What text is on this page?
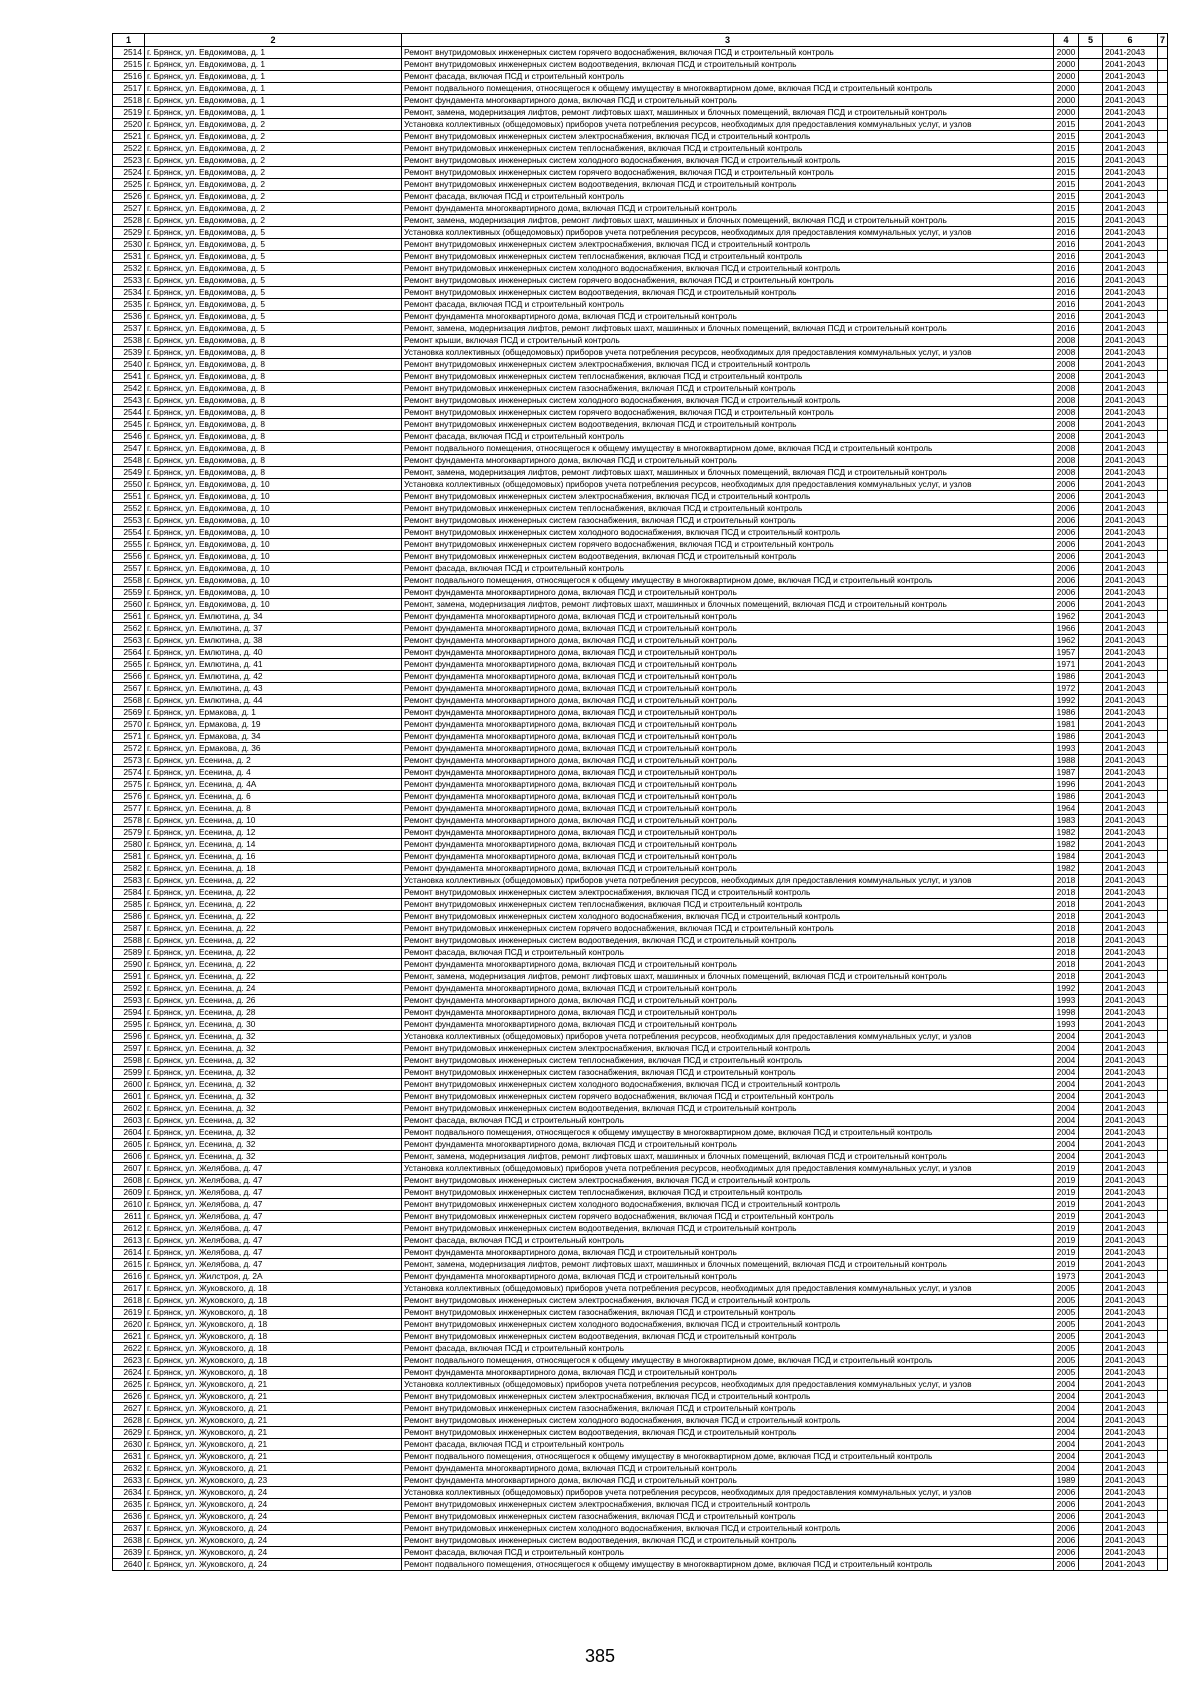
1	2	3	4	5	6	7
2514	г. Брянск, ул. Евдокимова, д. 1	Ремонт внутридомовых инженерных систем горячего водоснабжения, включая ПСД и строительный контроль	2000		2041-2043	
2515	г. Брянск, ул. Евдокимова, д. 1	Ремонт внутридомовых инженерных систем водоотведения, включая ПСД и строительный контроль	2000		2041-2043	
2516	г. Брянск, ул. Евдокимова, д. 1	Ремонт фасада, включая ПСД и строительный контроль	2000		2041-2043	
2517	г. Брянск, ул. Евдокимова, д. 1	Ремонт подвального помещения, относящегося к общему имуществу в многоквартирном доме, включая ПСД и строительный контроль	2000		2041-2043	
2518	г. Брянск, ул. Евдокимова, д. 1	Ремонт фундамента многоквартирного дома, включая ПСД и строительный контроль	2000		2041-2043	
2519	г. Брянск, ул. Евдокимова, д. 1	Ремонт, замена, модернизация лифтов, ремонт лифтовых шахт, машинных и блочных помещений, включая ПСД и строительный контроль	2000		2041-2043	
2520	г. Брянск, ул. Евдокимова, д. 2	Установка коллективных (общедомовых) приборов учета потребления ресурсов, необходимых для предоставления коммунальных услуг, и узлов	2015		2041-2043	
2521	г. Брянск, ул. Евдокимова, д. 2	Ремонт внутридомовых инженерных систем электроснабжения, включая ПСД и строительный контроль	2015		2041-2043	
2522	г. Брянск, ул. Евдокимова, д. 2	Ремонт внутридомовых инженерных систем теплоснабжения, включая ПСД и строительный контроль	2015		2041-2043	
2523	г. Брянск, ул. Евдокимова, д. 2	Ремонт внутридомовых инженерных систем холодного водоснабжения, включая ПСД и строительный контроль	2015		2041-2043	
2524	г. Брянск, ул. Евдокимова, д. 2	Ремонт внутридомовых инженерных систем горячего водоснабжения, включая ПСД и строительный контроль	2015		2041-2043	
2525	г. Брянск, ул. Евдокимова, д. 2	Ремонт внутридомовых инженерных систем водоотведения, включая ПСД и строительный контроль	2015		2041-2043	
2526	г. Брянск, ул. Евдокимова, д. 2	Ремонт фасада, включая ПСД и строительный контроль	2015		2041-2043	
2527	г. Брянск, ул. Евдокимова, д. 2	Ремонт фундамента многоквартирного дома, включая ПСД и строительный контроль	2015		2041-2043	
2528	г. Брянск, ул. Евдокимова, д. 2	Ремонт, замена, модернизация лифтов, ремонт лифтовых шахт, машинных и блочных помещений, включая ПСД и строительный контроль	2015		2041-2043	
2529	г. Брянск, ул. Евдокимова, д. 5	Установка коллективных (общедомовых) приборов учета потребления ресурсов, необходимых для предоставления коммунальных услуг, и узлов	2016		2041-2043	
2530	г. Брянск, ул. Евдокимова, д. 5	Ремонт внутридомовых инженерных систем электроснабжения, включая ПСД и строительный контроль	2016		2041-2043	
2531	г. Брянск, ул. Евдокимова, д. 5	Ремонт внутридомовых инженерных систем теплоснабжения, включая ПСД и строительный контроль	2016		2041-2043	
2532	г. Брянск, ул. Евдокимова, д. 5	Ремонт внутридомовых инженерных систем холодного водоснабжения, включая ПСД и строительный контроль	2016		2041-2043	
2533	г. Брянск, ул. Евдокимова, д. 5	Ремонт внутридомовых инженерных систем горячего водоснабжения, включая ПСД и строительный контроль	2016		2041-2043	
2534	г. Брянск, ул. Евдокимова, д. 5	Ремонт внутридомовых инженерных систем водоотведения, включая ПСД и строительный контроль	2016		2041-2043	
2535	г. Брянск, ул. Евдокимова, д. 5	Ремонт фасада, включая ПСД и строительный контроль	2016		2041-2043	
2536	г. Брянск, ул. Евдокимова, д. 5	Ремонт фундамента многоквартирного дома, включая ПСД и строительный контроль	2016		2041-2043	
2537	г. Брянск, ул. Евдокимова, д. 5	Ремонт, замена, модернизация лифтов, ремонт лифтовых шахт, машинных и блочных помещений, включая ПСД и строительный контроль	2016		2041-2043	
2538	г. Брянск, ул. Евдокимова, д. 8	Ремонт крыши, включая ПСД и строительный контроль	2008		2041-2043	
2539	г. Брянск, ул. Евдокимова, д. 8	Установка коллективных (общедомовых) приборов учета потребления ресурсов, необходимых для предоставления коммунальных услуг, и узлов	2008		2041-2043	
2540	г. Брянск, ул. Евдокимова, д. 8	Ремонт внутридомовых инженерных систем электроснабжения, включая ПСД и строительный контроль	2008		2041-2043	
2541	г. Брянск, ул. Евдокимова, д. 8	Ремонт внутридомовых инженерных систем теплоснабжения, включая ПСД и строительный контроль	2008		2041-2043	
2542	г. Брянск, ул. Евдокимова, д. 8	Ремонт внутридомовых инженерных систем газоснабжения, включая ПСД и строительный контроль	2008		2041-2043	
2543	г. Брянск, ул. Евдокимова, д. 8	Ремонт внутридомовых инженерных систем холодного водоснабжения, включая ПСД и строительный контроль	2008		2041-2043	
2544	г. Брянск, ул. Евдокимова, д. 8	Ремонт внутридомовых инженерных систем горячего водоснабжения, включая ПСД и строительный контроль	2008		2041-2043	
2545	г. Брянск, ул. Евдокимова, д. 8	Ремонт внутридомовых инженерных систем водоотведения, включая ПСД и строительный контроль	2008		2041-2043	
2546	г. Брянск, ул. Евдокимова, д. 8	Ремонт фасада, включая ПСД и строительный контроль	2008		2041-2043	
2547	г. Брянск, ул. Евдокимова, д. 8	Ремонт подвального помещения, относящегося к общему имуществу в многоквартирном доме, включая ПСД и строительный контроль	2008		2041-2043	
2548	г. Брянск, ул. Евдокимова, д. 8	Ремонт фундамента многоквартирного дома, включая ПСД и строительный контроль	2008		2041-2043	
2549	г. Брянск, ул. Евдокимова, д. 8	Ремонт, замена, модернизация лифтов, ремонт лифтовых шахт, машинных и блочных помещений, включая ПСД и строительный контроль	2008		2041-2043	
2550	г. Брянск, ул. Евдокимова, д. 10	Установка коллективных (общедомовых) приборов учета потребления ресурсов, необходимых для предоставления коммунальных услуг, и узлов	2006		2041-2043	
2551	г. Брянск, ул. Евдокимова, д. 10	Ремонт внутридомовых инженерных систем электроснабжения, включая ПСД и строительный контроль	2006		2041-2043	
2552	г. Брянск, ул. Евдокимова, д. 10	Ремонт внутридомовых инженерных систем теплоснабжения, включая ПСД и строительный контроль	2006		2041-2043	
2553	г. Брянск, ул. Евдокимова, д. 10	Ремонт внутридомовых инженерных систем газоснабжения, включая ПСД и строительный контроль	2006		2041-2043	
2554	г. Брянск, ул. Евдокимова, д. 10	Ремонт внутридомовых инженерных систем холодного водоснабжения, включая ПСД и строительный контроль	2006		2041-2043	
2555	г. Брянск, ул. Евдокимова, д. 10	Ремонт внутридомовых инженерных систем горячего водоснабжения, включая ПСД и строительный контроль	2006		2041-2043	
2556	г. Брянск, ул. Евдокимова, д. 10	Ремонт внутридомовых инженерных систем водоотведения, включая ПСД и строительный контроль	2006		2041-2043	
2557	г. Брянск, ул. Евдокимова, д. 10	Ремонт фасада, включая ПСД и строительный контроль	2006		2041-2043	
2558	г. Брянск, ул. Евдокимова, д. 10	Ремонт подвального помещения, относящегося к общему имуществу в многоквартирном доме, включая ПСД и строительный контроль	2006		2041-2043	
2559	г. Брянск, ул. Евдокимова, д. 10	Ремонт фундамента многоквартирного дома, включая ПСД и строительный контроль	2006		2041-2043	
2560	г. Брянск, ул. Евдокимова, д. 10	Ремонт, замена, модернизация лифтов, ремонт лифтовых шахт, машинных и блочных помещений, включая ПСД и строительный контроль	2006		2041-2043	
2561	г. Брянск, ул. Емлютина, д. 34	Ремонт фундамента многоквартирного дома, включая ПСД и строительный контроль	1962		2041-2043	
2562	г. Брянск, ул. Емлютина, д. 37	Ремонт фундамента многоквартирного дома, включая ПСД и строительный контроль	1966		2041-2043	
2563	г. Брянск, ул. Емлютина, д. 38	Ремонт фундамента многоквартирного дома, включая ПСД и строительный контроль	1962		2041-2043	
2564	г. Брянск, ул. Емлютина, д. 40	Ремонт фундамента многоквартирного дома, включая ПСД и строительный контроль	1957		2041-2043	
2565	г. Брянск, ул. Емлютина, д. 41	Ремонт фундамента многоквартирного дома, включая ПСД и строительный контроль	1971		2041-2043	
2566	г. Брянск, ул. Емлютина, д. 42	Ремонт фундамента многоквартирного дома, включая ПСД и строительный контроль	1986		2041-2043	
2567	г. Брянск, ул. Емлютина, д. 43	Ремонт фундамента многоквартирного дома, включая ПСД и строительный контроль	1972		2041-2043	
2568	г. Брянск, ул. Емлютина, д. 44	Ремонт фундамента многоквартирного дома, включая ПСД и строительный контроль	1992		2041-2043	
2569	г. Брянск, ул. Ермакова, д. 1	Ремонт фундамента многоквартирного дома, включая ПСД и строительный контроль	1986		2041-2043	
2570	г. Брянск, ул. Ермакова, д. 19	Ремонт фундамента многоквартирного дома, включая ПСД и строительный контроль	1981		2041-2043	
2571	г. Брянск, ул. Ермакова, д. 34	Ремонт фундамента многоквартирного дома, включая ПСД и строительный контроль	1986		2041-2043	
2572	г. Брянск, ул. Ермакова, д. 36	Ремонт фундамента многоквартирного дома, включая ПСД и строительный контроль	1993		2041-2043	
2573	г. Брянск, ул. Есенина, д. 2	Ремонт фундамента многоквартирного дома, включая ПСД и строительный контроль	1988		2041-2043	
2574	г. Брянск, ул. Есенина, д. 4	Ремонт фундамента многоквартирного дома, включая ПСД и строительный контроль	1987		2041-2043	
2575	г. Брянск, ул. Есенина, д. 4А	Ремонт фундамента многоквартирного дома, включая ПСД и строительный контроль	1996		2041-2043	
2576	г. Брянск, ул. Есенина, д. 6	Ремонт фундамента многоквартирного дома, включая ПСД и строительный контроль	1986		2041-2043	
2577	г. Брянск, ул. Есенина, д. 8	Ремонт фундамента многоквартирного дома, включая ПСД и строительный контроль	1964		2041-2043	
2578	г. Брянск, ул. Есенина, д. 10	Ремонт фундамента многоквартирного дома, включая ПСД и строительный контроль	1983		2041-2043	
2579	г. Брянск, ул. Есенина, д. 12	Ремонт фундамента многоквартирного дома, включая ПСД и строительный контроль	1982		2041-2043	
2580	г. Брянск, ул. Есенина, д. 14	Ремонт фундамента многоквартирного дома, включая ПСД и строительный контроль	1982		2041-2043	
2581	г. Брянск, ул. Есенина, д. 16	Ремонт фундамента многоквартирного дома, включая ПСД и строительный контроль	1984		2041-2043	
2582	г. Брянск, ул. Есенина, д. 18	Ремонт фундамента многоквартирного дома, включая ПСД и строительный контроль	1982		2041-2043	
2583	г. Брянск, ул. Есенина, д. 22	Установка коллективных (общедомовых) приборов учета потребления ресурсов, необходимых для предоставления коммунальных услуг, и узлов	2018		2041-2043	
2584	г. Брянск, ул. Есенина, д. 22	Ремонт внутридомовых инженерных систем электроснабжения, включая ПСД и строительный контроль	2018		2041-2043	
2585	г. Брянск, ул. Есенина, д. 22	Ремонт внутридомовых инженерных систем теплоснабжения, включая ПСД и строительный контроль	2018		2041-2043	
2586	г. Брянск, ул. Есенина, д. 22	Ремонт внутридомовых инженерных систем холодного водоснабжения, включая ПСД и строительный контроль	2018		2041-2043	
2587	г. Брянск, ул. Есенина, д. 22	Ремонт внутридомовых инженерных систем горячего водоснабжения, включая ПСД и строительный контроль	2018		2041-2043	
2588	г. Брянск, ул. Есенина, д. 22	Ремонт внутридомовых инженерных систем водоотведения, включая ПСД и строительный контроль	2018		2041-2043	
2589	г. Брянск, ул. Есенина, д. 22	Ремонт фасада, включая ПСД и строительный контроль	2018		2041-2043	
2590	г. Брянск, ул. Есенина, д. 22	Ремонт фундамента многоквартирного дома, включая ПСД и строительный контроль	2018		2041-2043	
2591	г. Брянск, ул. Есенина, д. 22	Ремонт, замена, модернизация лифтов, ремонт лифтовых шахт, машинных и блочных помещений, включая ПСД и строительный контроль	2018		2041-2043	
2592	г. Брянск, ул. Есенина, д. 24	Ремонт фундамента многоквартирного дома, включая ПСД и строительный контроль	1992		2041-2043	
2593	г. Брянск, ул. Есенина, д. 26	Ремонт фундамента многоквартирного дома, включая ПСД и строительный контроль	1993		2041-2043	
2594	г. Брянск, ул. Есенина, д. 28	Ремонт фундамента многоквартирного дома, включая ПСД и строительный контроль	1998		2041-2043	
2595	г. Брянск, ул. Есенина, д. 30	Ремонт фундамента многоквартирного дома, включая ПСД и строительный контроль	1993		2041-2043	
2596	г. Брянск, ул. Есенина, д. 32	Установка коллективных (общедомовых) приборов учета потребления ресурсов, необходимых для предоставления коммунальных услуг, и узлов	2004		2041-2043	
2597	г. Брянск, ул. Есенина, д. 32	Ремонт внутридомовых инженерных систем электроснабжения, включая ПСД и строительный контроль	2004		2041-2043	
2598	г. Брянск, ул. Есенина, д. 32	Ремонт внутридомовых инженерных систем теплоснабжения, включая ПСД и строительный контроль	2004		2041-2043	
2599	г. Брянск, ул. Есенина, д. 32	Ремонт внутридомовых инженерных систем газоснабжения, включая ПСД и строительный контроль	2004		2041-2043	
2600	г. Брянск, ул. Есенина, д. 32	Ремонт внутридомовых инженерных систем холодного водоснабжения, включая ПСД и строительный контроль	2004		2041-2043	
2601	г. Брянск, ул. Есенина, д. 32	Ремонт внутридомовых инженерных систем горячего водоснабжения, включая ПСД и строительный контроль	2004		2041-2043	
2602	г. Брянск, ул. Есенина, д. 32	Ремонт внутридомовых инженерных систем водоотведения, включая ПСД и строительный контроль	2004		2041-2043	
2603	г. Брянск, ул. Есенина, д. 32	Ремонт фасада, включая ПСД и строительный контроль	2004		2041-2043	
2604	г. Брянск, ул. Есенина, д. 32	Ремонт подвального помещения, относящегося к общему имуществу в многоквартирном доме, включая ПСД и строительный контроль	2004		2041-2043	
2605	г. Брянск, ул. Есенина, д. 32	Ремонт фундамента многоквартирного дома, включая ПСД и строительный контроль	2004		2041-2043	
2606	г. Брянск, ул. Есенина, д. 32	Ремонт, замена, модернизация лифтов, ремонт лифтовых шахт, машинных и блочных помещений, включая ПСД и строительный контроль	2004		2041-2043	
2607	г. Брянск, ул. Желябова, д. 47	Установка коллективных (общедомовых) приборов учета потребления ресурсов, необходимых для предоставления коммунальных услуг, и узлов	2019		2041-2043	
2608	г. Брянск, ул. Желябова, д. 47	Ремонт внутридомовых инженерных систем электроснабжения, включая ПСД и строительный контроль	2019		2041-2043	
2609	г. Брянск, ул. Желябова, д. 47	Ремонт внутридомовых инженерных систем теплоснабжения, включая ПСД и строительный контроль	2019		2041-2043	
2610	г. Брянск, ул. Желябова, д. 47	Ремонт внутридомовых инженерных систем холодного водоснабжения, включая ПСД и строительный контроль	2019		2041-2043	
2611	г. Брянск, ул. Желябова, д. 47	Ремонт внутридомовых инженерных систем горячего водоснабжения, включая ПСД и строительный контроль	2019		2041-2043	
2612	г. Брянск, ул. Желябова, д. 47	Ремонт внутридомовых инженерных систем водоотведения, включая ПСД и строительный контроль	2019		2041-2043	
2613	г. Брянск, ул. Желябова, д. 47	Ремонт фасада, включая ПСД и строительный контроль	2019		2041-2043	
2614	г. Брянск, ул. Желябова, д. 47	Ремонт фундамента многоквартирного дома, включая ПСД и строительный контроль	2019		2041-2043	
2615	г. Брянск, ул. Желябова, д. 47	Ремонт, замена, модернизация лифтов, ремонт лифтовых шахт, машинных и блочных помещений, включая ПСД и строительный контроль	2019		2041-2043	
2616	г. Брянск, ул. Жилстроя, д. 2А	Ремонт фундамента многоквартирного дома, включая ПСД и строительный контроль	1973		2041-2043	
2617	г. Брянск, ул. Жуковского, д. 18	Установка коллективных (общедомовых) приборов учета потребления ресурсов, необходимых для предоставления коммунальных услуг, и узлов	2005		2041-2043	
2618	г. Брянск, ул. Жуковского, д. 18	Ремонт внутридомовых инженерных систем электроснабжения, включая ПСД и строительный контроль	2005		2041-2043	
2619	г. Брянск, ул. Жуковского, д. 18	Ремонт внутридомовых инженерных систем газоснабжения, включая ПСД и строительный контроль	2005		2041-2043	
2620	г. Брянск, ул. Жуковского, д. 18	Ремонт внутридомовых инженерных систем холодного водоснабжения, включая ПСД и строительный контроль	2005		2041-2043	
2621	г. Брянск, ул. Жуковского, д. 18	Ремонт внутридомовых инженерных систем водоотведения, включая ПСД и строительный контроль	2005		2041-2043	
2622	г. Брянск, ул. Жуковского, д. 18	Ремонт фасада, включая ПСД и строительный контроль	2005		2041-2043	
2623	г. Брянск, ул. Жуковского, д. 18	Ремонт подвального помещения, относящегося к общему имуществу в многоквартирном доме, включая ПСД и строительный контроль	2005		2041-2043	
2624	г. Брянск, ул. Жуковского, д. 18	Ремонт фундамента многоквартирного дома, включая ПСД и строительный контроль	2005		2041-2043	
2625	г. Брянск, ул. Жуковского, д. 21	Установка коллективных (общедомовых) приборов учета потребления ресурсов, необходимых для предоставления коммунальных услуг, и узлов	2004		2041-2043	
2626	г. Брянск, ул. Жуковского, д. 21	Ремонт внутридомовых инженерных систем электроснабжения, включая ПСД и строительный контроль	2004		2041-2043	
2627	г. Брянск, ул. Жуковского, д. 21	Ремонт внутридомовых инженерных систем газоснабжения, включая ПСД и строительный контроль	2004		2041-2043	
2628	г. Брянск, ул. Жуковского, д. 21	Ремонт внутридомовых инженерных систем холодного водоснабжения, включая ПСД и строительный контроль	2004		2041-2043	
2629	г. Брянск, ул. Жуковского, д. 21	Ремонт внутридомовых инженерных систем водоотведения, включая ПСД и строительный контроль	2004		2041-2043	
2630	г. Брянск, ул. Жуковского, д. 21	Ремонт фасада, включая ПСД и строительный контроль	2004		2041-2043	
2631	г. Брянск, ул. Жуковского, д. 21	Ремонт подвального помещения, относящегося к общему имуществу в многоквартирном доме, включая ПСД и строительный контроль	2004		2041-2043	
2632	г. Брянск, ул. Жуковского, д. 21	Ремонт фундамента многоквартирного дома, включая ПСД и строительный контроль	2004		2041-2043	
2633	г. Брянск, ул. Жуковского, д. 23	Ремонт фундамента многоквартирного дома, включая ПСД и строительный контроль	1989		2041-2043	
2634	г. Брянск, ул. Жуковского, д. 24	Установка коллективных (общедомовых) приборов учета потребления ресурсов, необходимых для предоставления коммунальных услуг, и узлов	2006		2041-2043	
2635	г. Брянск, ул. Жуковского, д. 24	Ремонт внутридомовых инженерных систем электроснабжения, включая ПСД и строительный контроль	2006		2041-2043	
2636	г. Брянск, ул. Жуковского, д. 24	Ремонт внутридомовых инженерных систем газоснабжения, включая ПСД и строительный контроль	2006		2041-2043	
2637	г. Брянск, ул. Жуковского, д. 24	Ремонт внутридомовых инженерных систем холодного водоснабжения, включая ПСД и строительный контроль	2006		2041-2043	
2638	г. Брянск, ул. Жуковского, д. 24	Ремонт внутридомовых инженерных систем водоотведения, включая ПСД и строительный контроль	2006		2041-2043	
2639	г. Брянск, ул. Жуковского, д. 24	Ремонт фасада, включая ПСД и строительный контроль	2006		2041-2043	
2640	г. Брянск, ул. Жуковского, д. 24	Ремонт подвального помещения, относящегося к общему имуществу в многоквартирном доме, включая ПСД и строительный контроль	2006		2041-2043	
385
